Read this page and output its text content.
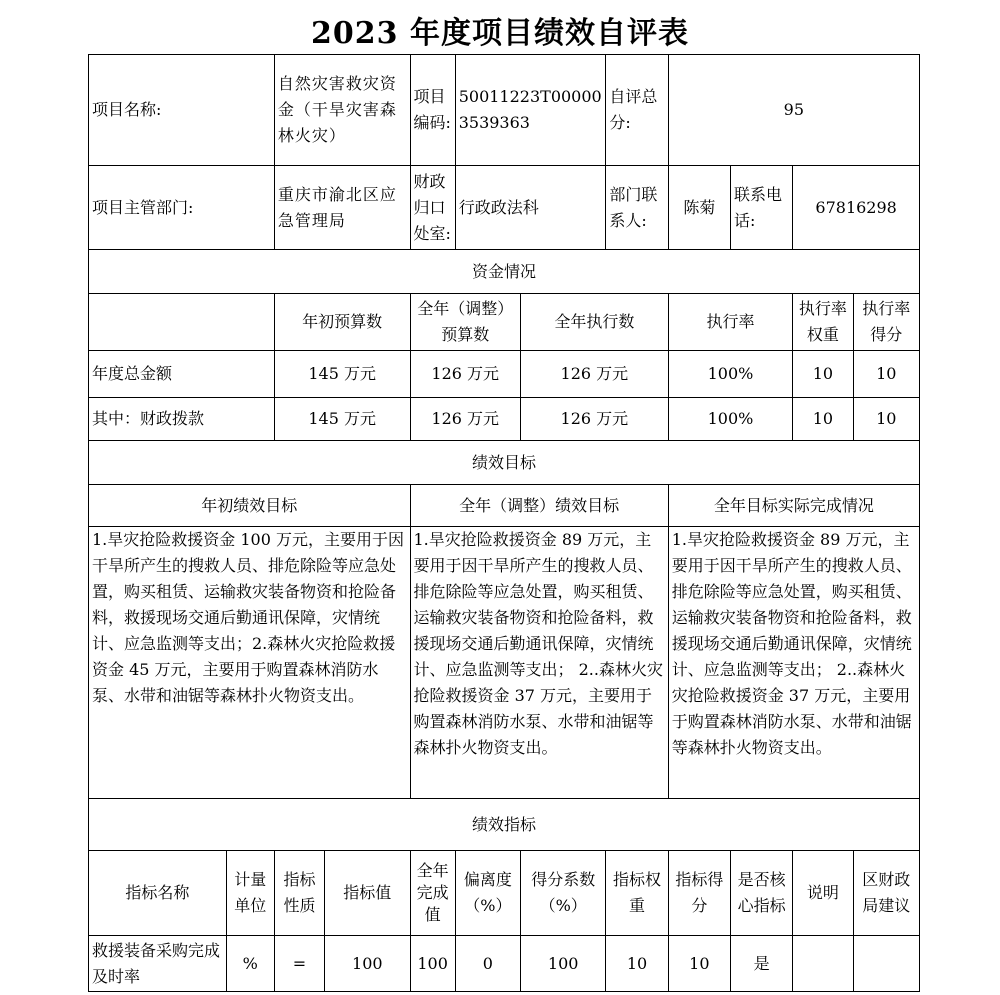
2023 年度项目绩效自评表
项目名称:		自然灾害救灾资金（干旱灾害森林火灾）		项目编码:	50011223T000003539363		自评总分:	95			
项目主管部门:		重庆市渝北区应急管理局		财政归口处室:	行政政法科		部门联系人:	陈菊	联系电话:	67816298	
资金情况											
		年初预算数		全年（调整）预算数		全年执行数		执行率		执行率权重	执行率得分
年度总金额		145 万元		126 万元		126 万元		100%		10	10
其中：财政拨款		145 万元		126 万元		126 万元		100%		10	10
绩效目标											
年初绩效目标				全年（调整）绩效目标				全年目标实际完成情况			
1.旱灾抢险救援资金 100 万元，主要用于因干旱所产生的搜救人员、排危除险等应急处置，购买租赁、运输救灾装备物资和抢险备料，救援现场交通后勤通讯保障，灾情统计、应急监测等支出；2.森林火灾抢险救援资金 45 万元，主要用于购置森林消防水泵、水带和油锯等森林扑火物资支出。				1.旱灾抢险救援资金 89 万元，主要用于因干旱所产生的搜救人员、排危除险等应急处置，购买租赁、运输救灾装备物资和抢险备料，救援现场交通后勤通讯保障，灾情统计、应急监测等支出； 2..森林火灾抢险救援资金 37 万元，主要用于购置森林消防水泵、水带和油锯等森林扑火物资支出。				1.旱灾抢险救援资金 89 万元，主要用于因干旱所产生的搜救人员、排危除险等应急处置，购买租赁、运输救灾装备物资和抢险备料，救援现场交通后勤通讯保障，灾情统计、应急监测等支出； 2..森林火灾抢险救援资金 37 万元，主要用于购置森林消防水泵、水带和油锯等森林扑火物资支出。			
绩效指标											
指标名称	计量单位	指标性质	指标值	全年完成值	偏离度（%）	得分系数（%）	指标权重	指标得分	是否核心指标	说明	区财政局建议
救援装备采购完成及时率	%	=	100	100	0	100	10	10	是		
